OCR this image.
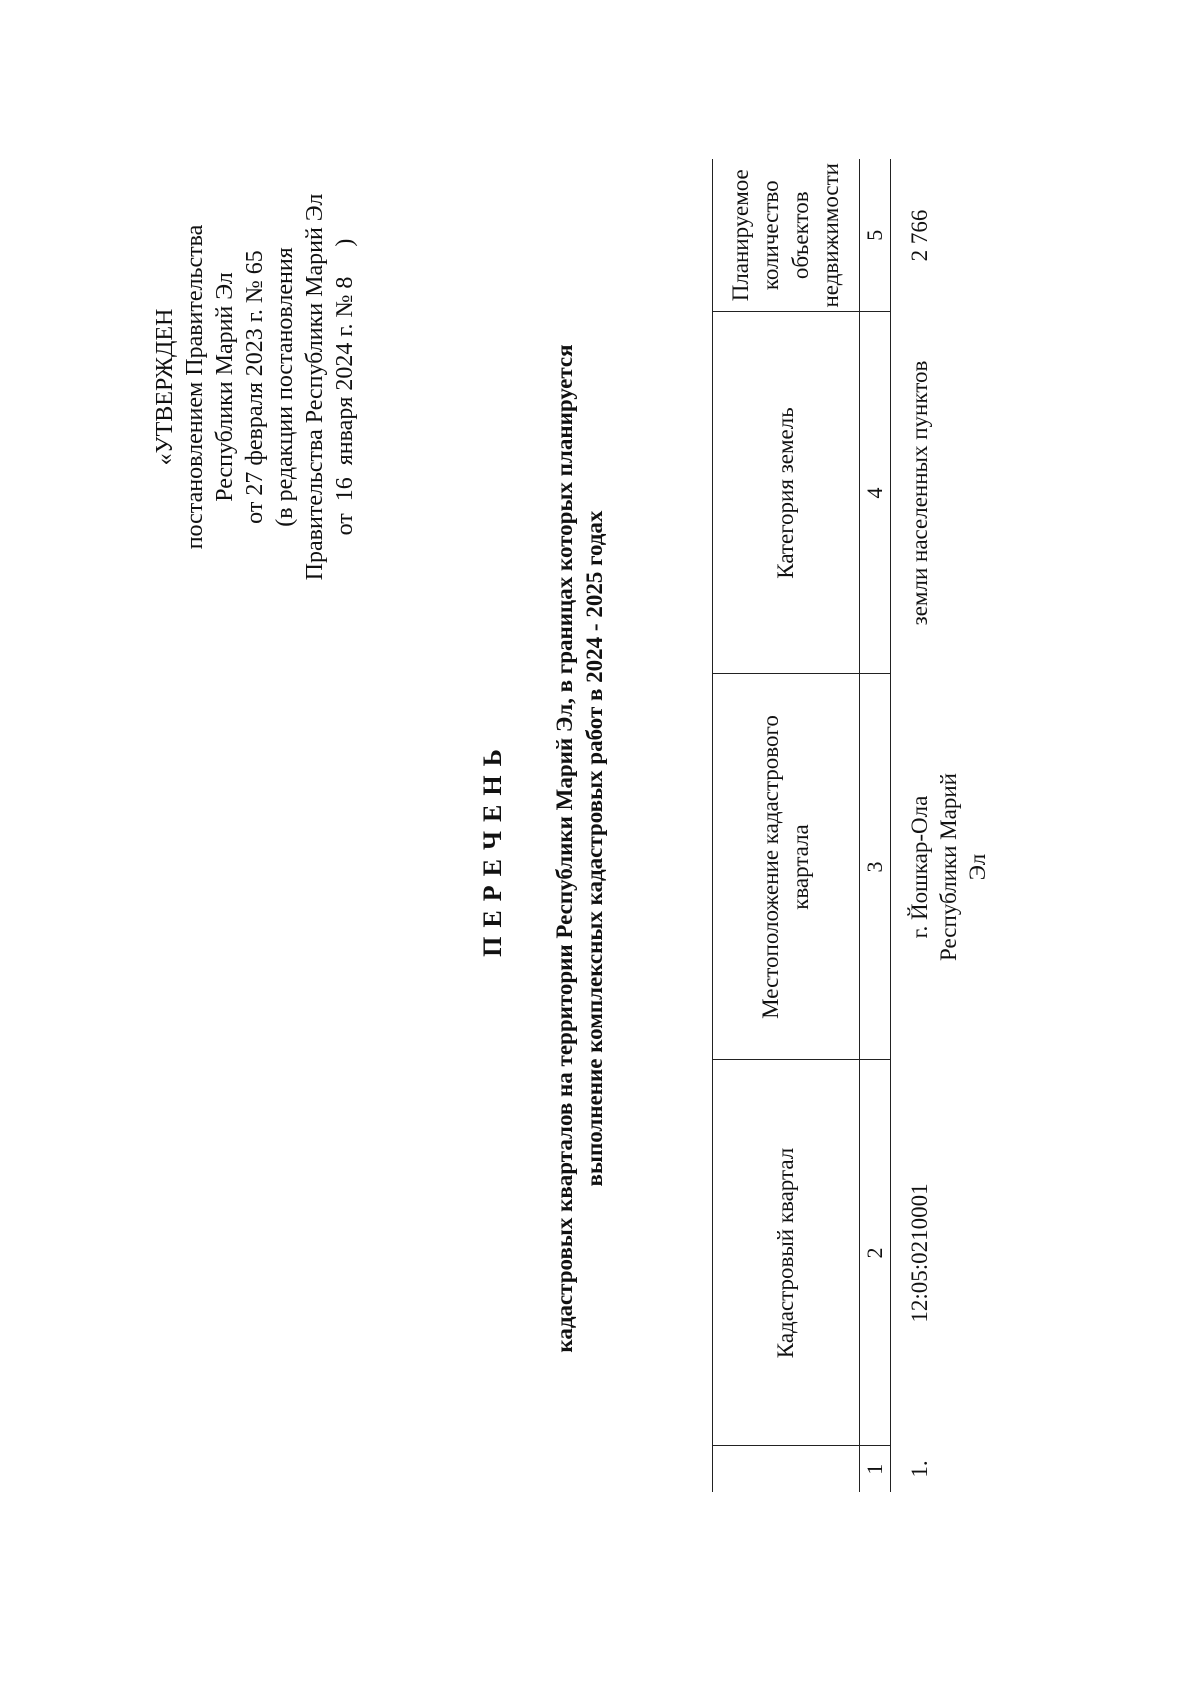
«УТВЕРЖДЕН постановлением Правительства Республики Марий Эл от 27 февраля 2023 г. № 65 (в редакции постановления Правительства Республики Марий Эл от  16  января 2024 г. № 8     )
ПЕРЕЧЕНЬ кадастровых кварталов на территории Республики Марий Эл, в границах которых планируется выполнение комплексных кадастровых работ в 2024 - 2025 годах
	Кадастровый квартал	Местоположение кадастрового квартала	Категория земель	Планируемое количество объектов недвижимости
1	2	3	4	5
1.	12:05:0210001	г. Йошкар-Ола Республики Марий Эл	земли населенных пунктов	2 766
